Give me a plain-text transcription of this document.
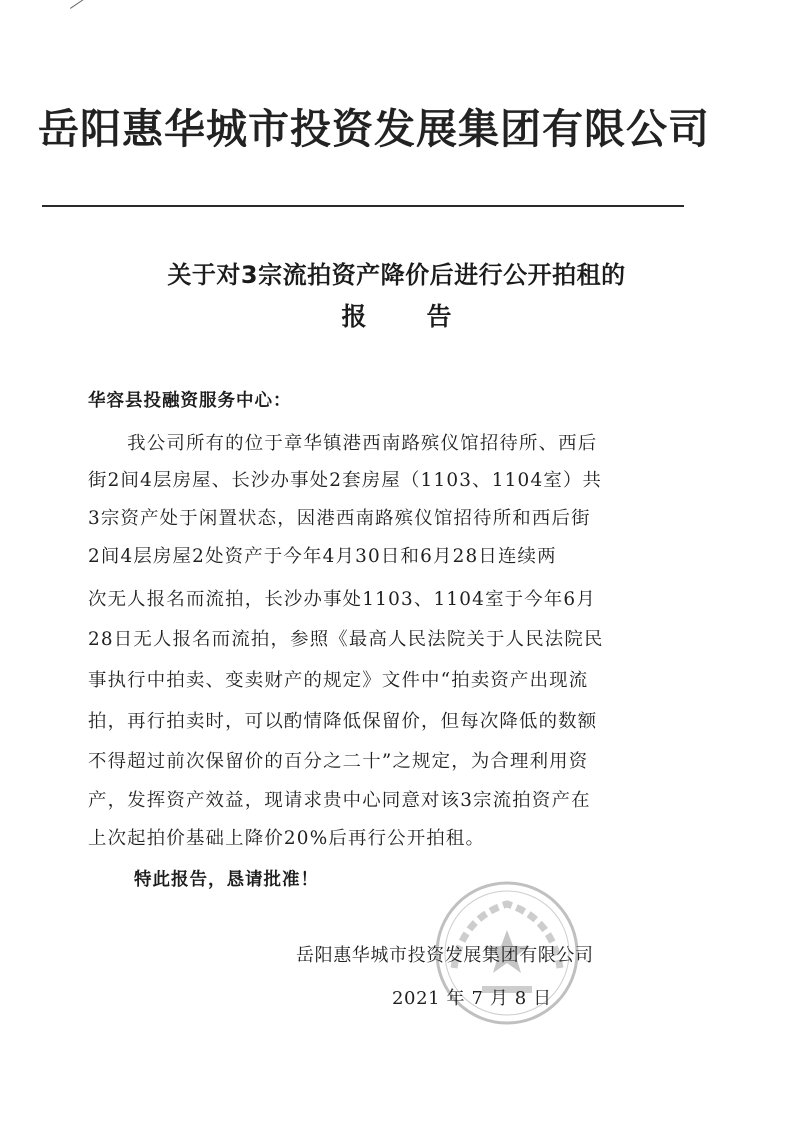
岳阳惠华城市投资发展集团有限公司
关于对3宗流拍资产降价后进行公开拍租的
报告
华容县投融资服务中心：
　　我公司所有的位于章华镇港西南路殡仪馆招待所、西后
街2间4层房屋、长沙办事处2套房屋（1103、1104室）共
3宗资产处于闲置状态，因港西南路殡仪馆招待所和西后街
2间4层房屋2处资产于今年4月30日和6月28日连续两
次无人报名而流拍，长沙办事处1103、1104室于今年6月
28日无人报名而流拍，参照《最高人民法院关于人民法院民
事执行中拍卖、变卖财产的规定》文件中“拍卖资产出现流
拍，再行拍卖时，可以酌情降低保留价，但每次降低的数额
不得超过前次保留价的百分之二十”之规定，为合理利用资
产，发挥资产效益，现请求贵中心同意对该3宗流拍资产在
上次起拍价基础上降价20%后再行公开拍租。
特此报告，恳请批准！
岳阳惠华城市投资发展集团有限公司
2021 年 7 月 8 日
